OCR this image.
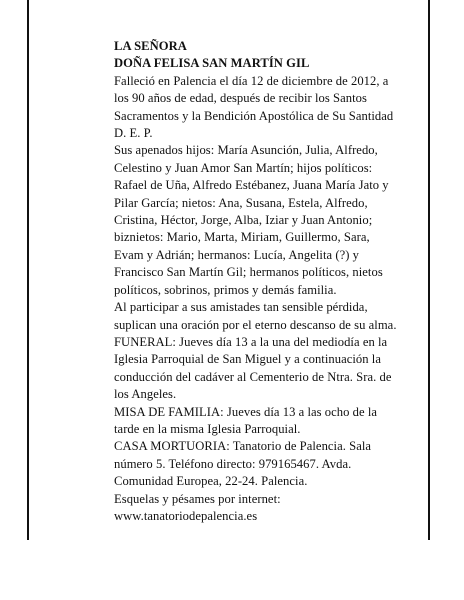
LA SEÑORA

DOÑA FELISA SAN MARTÍN GIL

Falleció en Palencia el día 12 de diciembre de 2012, a

los 90 años de edad, después de recibir los Santos

Sacramentos y la Bendición Apostólica de Su Santidad

D. E. P.

Sus apenados hijos: María Asunción, Julia, Alfredo,

Celestino y Juan Amor San Martín; hijos políticos:

Rafael de Uña, Alfredo Estébanez, Juana María Jato y

Pilar García; nietos: Ana, Susana, Estela, Alfredo,

Cristina, Héctor, Jorge, Alba, Iziar y Juan Antonio;

biznietos: Mario, Marta, Miriam, Guillermo, Sara,

Evam y Adrián; hermanos: Lucía, Angelita (?) y

Francisco San Martín Gil; hermanos políticos, nietos

políticos, sobrinos, primos y demás familia.

Al participar a sus amistades tan sensible pérdida,

suplican una oración por el eterno descanso de su alma.

FUNERAL: Jueves día 13 a la una del mediodía en la

Iglesia Parroquial de San Miguel y a continuación la

conducción del cadáver al Cementerio de Ntra. Sra. de

los Angeles.

MISA DE FAMILIA: Jueves día 13 a las ocho de la

tarde en la misma Iglesia Parroquial.

CASA MORTUORIA: Tanatorio de Palencia. Sala

número 5. Teléfono directo: 979165467. Avda.

Comunidad Europea, 22-24. Palencia.

Esquelas y pésames por internet:

www.tanatoriodepalencia.es
